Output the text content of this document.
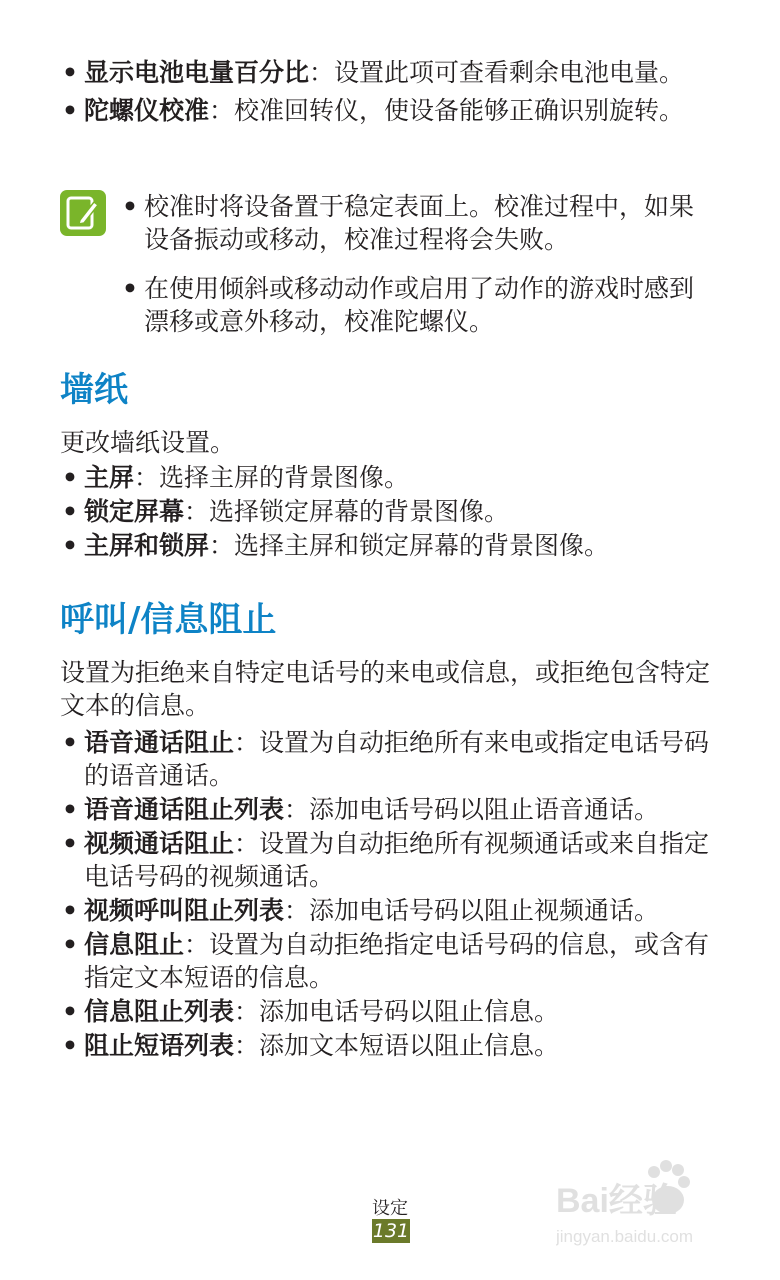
• 显示电池电量百分比：设置此项可查看剩余电池电量。
• 陀螺仪校准：校准回转仪，使设备能够正确识别旋转。
• 校准时将设备置于稳定表面上。校准过程中，如果设备振动或移动，校准过程将会失败。
• 在使用倾斜或移动动作或启用了动作的游戏时感到漂移或意外移动，校准陀螺仪。
墙纸

更改墙纸设置。

• 主屏：选择主屏的背景图像。
• 锁定屏幕：选择锁定屏幕的背景图像。
• 主屏和锁屏：选择主屏和锁定屏幕的背景图像。
呼叫/信息阻止

设置为拒绝来自特定电话号的来电或信息，或拒绝包含特定文本的信息。

• 语音通话阻止：设置为自动拒绝所有来电或指定电话号码的语音通话。
• 语音通话阻止列表：添加电话号码以阻止语音通话。
• 视频通话阻止：设置为自动拒绝所有视频通话或来自指定电话号码的视频通话。
• 视频呼叫阻止列表：添加电话号码以阻止视频通话。
• 信息阻止：设置为自动拒绝指定电话号码的信息，或含有指定文本短语的信息。
• 信息阻止列表：添加电话号码以阻止信息。
• 阻止短语列表：添加文本短语以阻止信息。
设定
131
Bai经验
jingyan.baidu.com
